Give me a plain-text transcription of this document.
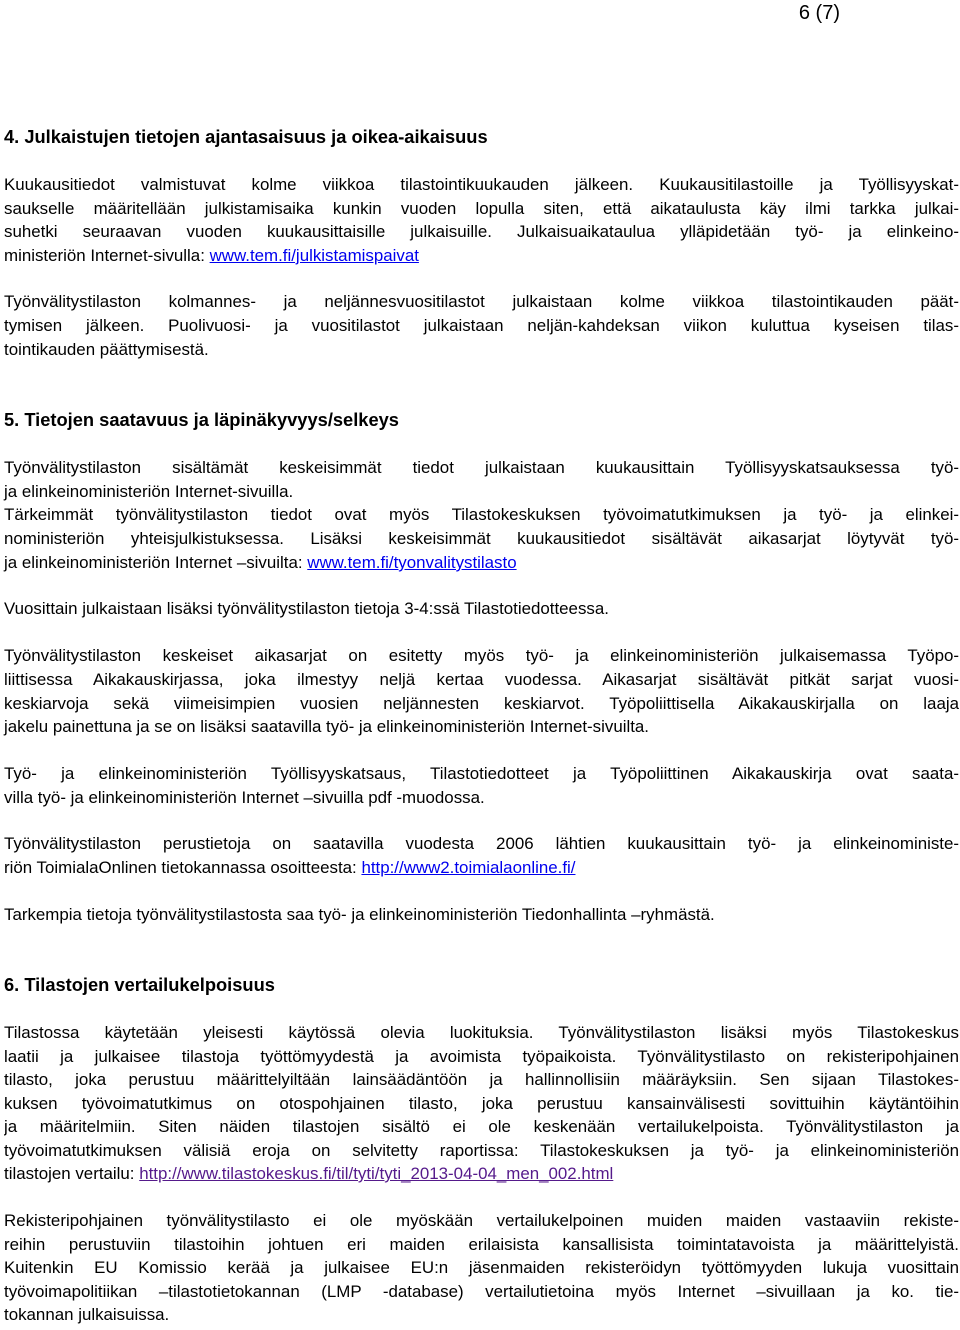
6 (7)
4. Julkaistujen tietojen ajantasaisuus ja oikea-aikaisuus
Kuukausitiedot valmistuvat kolme viikkoa tilastointikuukauden jälkeen. Kuukausitilastoille ja Työllisyyskat-
saukselle määritellään julkistamisaika kunkin vuoden lopulla siten, että aikataulusta käy ilmi tarkka julkai-
suhetki seuraavan vuoden kuukausittaisille julkaisuille. Julkaisuaikataulua ylläpidetään työ- ja elinkeino-
ministeriön Internet-sivulla: www.tem.fi/julkistamispaivat
Työnvälitystilaston kolmannes- ja neljännesvuositilastot julkaistaan kolme viikkoa tilastointikauden päät-
tymisen jälkeen. Puolivuosi- ja vuositilastot julkaistaan neljän-kahdeksan viikon kuluttua kyseisen tilas-
tointikauden päättymisestä.
5. Tietojen saatavuus ja läpinäkyvyys/selkeys
Työnvälitystilaston sisältämät keskeisimmät tiedot julkaistaan kuukausittain Työllisyyskatsauksessa työ-
ja elinkeinoministeriön Internet-sivuilla.
Tärkeimmät työnvälitystilaston tiedot ovat myös Tilastokeskuksen työvoimatutkimuksen ja työ- ja elinkei-
noministeriön yhteisjulkistuksessa. Lisäksi keskeisimmät kuukausitiedot sisältävät aikasarjat löytyvät työ-
ja elinkeinoministeriön Internet –sivuilta: www.tem.fi/tyonvalitystilasto
Vuosittain julkaistaan lisäksi työnvälitystilaston tietoja 3-4:ssä Tilastotiedotteessa.
Työnvälitystilaston keskeiset aikasarjat on esitetty myös työ- ja elinkeinoministeriön julkaisemassa Työpo-
liittisessa Aikakauskirjassa, joka ilmestyy neljä kertaa vuodessa. Aikasarjat sisältävät pitkät sarjat vuosi-
keskiarvoja sekä viimeisimpien vuosien neljännesten keskiarvot. Työpoliittisella Aikakauskirjalla on laaja
jakelu painettuna ja se on lisäksi saatavilla työ- ja elinkeinoministeriön Internet-sivuilta.
Työ- ja elinkeinoministeriön Työllisyyskatsaus, Tilastotiedotteet ja Työpoliittinen Aikakauskirja ovat saata-
villa työ- ja elinkeinoministeriön Internet –sivuilla pdf -muodossa.
Työnvälitystilaston perustietoja on saatavilla vuodesta 2006 lähtien kuukausittain työ- ja elinkeinoministe-
riön ToimialaOnlinen tietokannassa osoitteesta: http://www2.toimialaonline.fi/
Tarkempia tietoja työnvälitystilastosta saa työ- ja elinkeinoministeriön Tiedonhallinta –ryhmästä.
6. Tilastojen vertailukelpoisuus
Tilastossa käytetään yleisesti käytössä olevia luokituksia. Työnvälitystilaston lisäksi myös Tilastokeskus
laatii ja julkaisee tilastoja työttömyydestä ja avoimista työpaikoista. Työnvälitystilasto on rekisteripohjainen
tilasto, joka perustuu määrittelyiltään lainsäädäntöön ja hallinnollisiin määräyksiin. Sen sijaan Tilastokes-
kuksen työvoimatutkimus on otospohjainen tilasto, joka perustuu kansainvälisesti sovittuihin käytäntöihin
ja määritelmiin. Siten näiden tilastojen sisältö ei ole keskenään vertailukelpoista. Työnvälitystilaston ja
työvoimatutkimuksen välisiä eroja on selvitetty raportissa: Tilastokeskuksen ja työ- ja elinkeinoministeriön
tilastojen vertailu: http://www.tilastokeskus.fi/til/tyti/tyti_2013-04-04_men_002.html
Rekisteripohjainen työnvälitystilasto ei ole myöskään vertailukelpoinen muiden maiden vastaaviin rekiste-
reihin perustuviin tilastoihin johtuen eri maiden erilaisista kansallisista toimintatavoista ja määrittelyistä.
Kuitenkin EU Komissio kerää ja julkaisee EU:n jäsenmaiden rekisteröidyn työttömyyden lukuja vuosittain
työvoimapolitiikan –tilastotietokannan (LMP -database) vertailutietoina myös Internet –sivuillaan ja ko. tie-
tokannan julkaisuissa.
